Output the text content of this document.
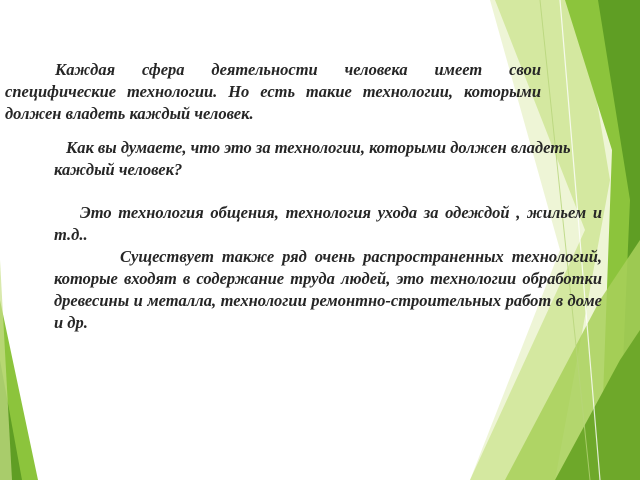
Каждая сфера деятельности человека имеет свои специфические технологии. Но есть такие технологии, которыми должен владеть каждый человек.

Как вы думаете, что это за технологии, которыми должен владеть каждый человек?

Это технология общения, технология ухода за одеждой , жильем и т.д..

Существует также ряд очень распространенных технологий, которые входят в содержание труда людей, это технологии обработки древесины и металла, технологии ремонтно-строительных работ в доме и др.
